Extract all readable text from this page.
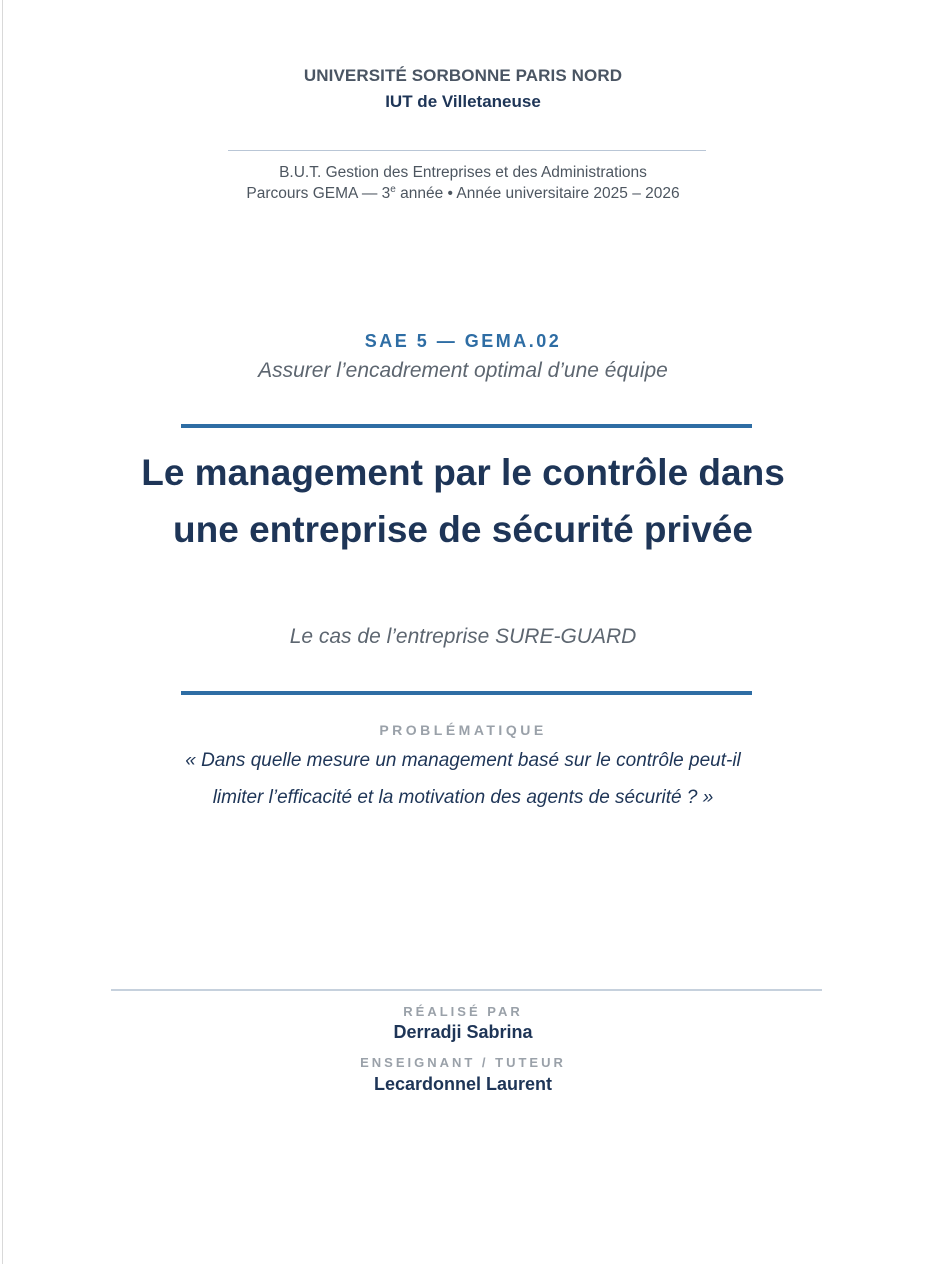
UNIVERSITÉ SORBONNE PARIS NORD
IUT de Villetaneuse
B.U.T. Gestion des Entreprises et des Administrations
Parcours GEMA — 3e année • Année universitaire 2025 – 2026
SAE 5 — GEMA.02
Assurer l’encadrement optimal d’une équipe
Le management par le contrôle dans une entreprise de sécurité privée
Le cas de l’entreprise SURE-GUARD
PROBLÉMATIQUE
« Dans quelle mesure un management basé sur le contrôle peut-il limiter l’efficacité et la motivation des agents de sécurité ? »
RÉALISÉ PAR
Derradji Sabrina
ENSEIGNANT / TUTEUR
Lecardonnel Laurent
